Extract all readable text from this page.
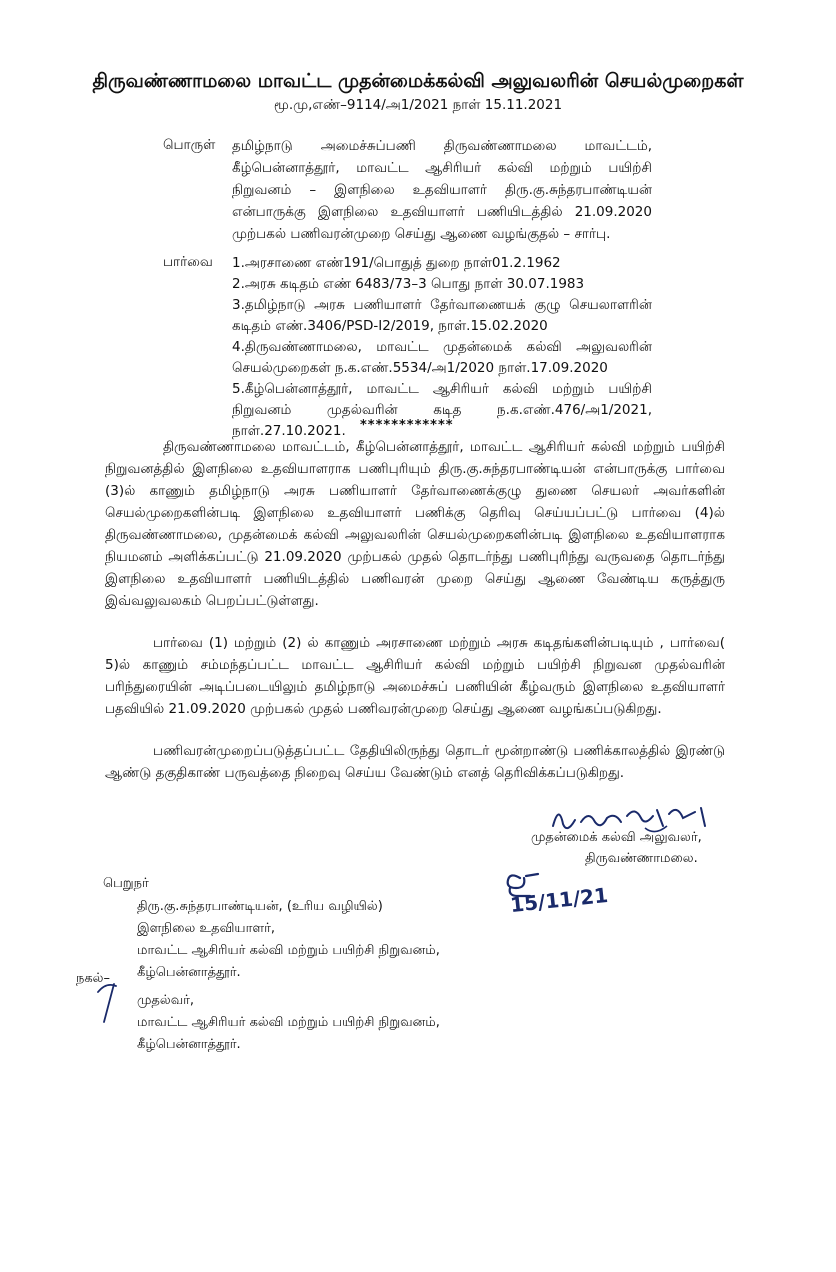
திருவண்ணாமலை மாவட்ட முதன்மைக்கல்வி அலுவலரின் செயல்முறைகள்
மூ.மு,எண்–9114/அ1/2021 நாள் 15.11.2021
பொருள் தமிழ்நாடு அமைச்சுப்பணி திருவண்ணாமலை மாவட்டம், கீழ்பென்னாத்தூர், மாவட்ட ஆசிரியர் கல்வி மற்றும் பயிற்சி நிறுவனம் – இளநிலை உதவியாளர் திரு.கு.சுந்தரபாண்டியன் என்பாருக்கு இளநிலை உதவியாளர் பணியிடத்தில் 21.09.2020 முற்பகல் பணிவரன்முறை செய்து ஆணை வழங்குதல் – சார்பு.
பார்வை 1.அரசாணை எண்191/பொதுத் துறை நாள்01.2.1962
2.அரசு கடிதம் எண் 6483/73–3 பொது நாள் 30.07.1983
3.தமிழ்நாடு அரசு பணியாளர் தேர்வாணையக் குழு செயலாளரின் கடிதம் எண்.3406/PSD-I2/2019, நாள்.15.02.2020
4.திருவண்ணாமலை, மாவட்ட முதன்மைக் கல்வி அலுவலரின் செயல்முறைகள் ந.க.எண்.5534/அ1/2020 நாள்.17.09.2020
5.கீழ்பென்னாத்தூர், மாவட்ட ஆசிரியர் கல்வி மற்றும் பயிற்சி நிறுவனம் முதல்வரின் கடித ந.க.எண்.476/அ1/2021, நாள்.27.10.2021.	************
திருவண்ணாமலை மாவட்டம், கீழ்பென்னாத்தூர், மாவட்ட ஆசிரியர் கல்வி மற்றும் பயிற்சி நிறுவனத்தில் இளநிலை உதவியாளராக பணிபுரியும் திரு.கு.சுந்தரபாண்டியன் என்பாருக்கு பார்வை (3)ல் காணும் தமிழ்நாடு அரசு பணியாளர் தேர்வாணைக்குழு துணை செயலர் அவர்களின் செயல்முறைகளின்படி இளநிலை உதவியாளர் பணிக்கு தெரிவு செய்யப்பட்டு பார்வை (4)ல் திருவண்ணாமலை, முதன்மைக் கல்வி அலுவலரின் செயல்முறைகளின்படி இளநிலை உதவியாளராக நியமனம் அளிக்கப்பட்டு 21.09.2020 முற்பகல் முதல் தொடர்ந்து பணிபுரிந்து வருவதை தொடர்ந்து இளநிலை உதவியாளர் பணியிடத்தில் பணிவரன் முறை செய்து ஆணை வேண்டிய கருத்துரு இவ்வலுவலகம் பெறப்பட்டுள்ளது.
பார்வை (1) மற்றும் (2) ல் காணும் அரசாணை மற்றும் அரசு கடிதங்களின்படியும் , பார்வை( 5)ல் காணும் சம்மந்தப்பட்ட மாவட்ட ஆசிரியர் கல்வி மற்றும் பயிற்சி நிறுவன முதல்வரின் பரிந்துரையின் அடிப்படையிலும் தமிழ்நாடு அமைச்சுப் பணியின் கீழ்வரும் இளநிலை உதவியாளர் பதவியில் 21.09.2020 முற்பகல் முதல் பணிவரன்முறை செய்து ஆணை வழங்கப்படுகிறது.
பணிவரன்முறைப்படுத்தப்பட்ட தேதியிலிருந்து தொடர் மூன்றாண்டு பணிக்காலத்தில் இரண்டு ஆண்டு தகுதிகாண் பருவத்தை நிறைவு செய்ய வேண்டும் எனத் தெரிவிக்கப்படுகிறது.
முதன்மைக் கல்வி அலுவலர்,
திருவண்ணாமலை.
15/11/21
பெறுநர்
திரு.கு.சுந்தரபாண்டியன், (உரிய வழியில்)
இளநிலை உதவியாளர்,
மாவட்ட ஆசிரியர் கல்வி மற்றும் பயிற்சி நிறுவனம்,
கீழ்பென்னாத்தூர்.
நகல்–
முதல்வர்,
மாவட்ட ஆசிரியர் கல்வி மற்றும் பயிற்சி நிறுவனம்,
கீழ்பென்னாத்தூர்.
